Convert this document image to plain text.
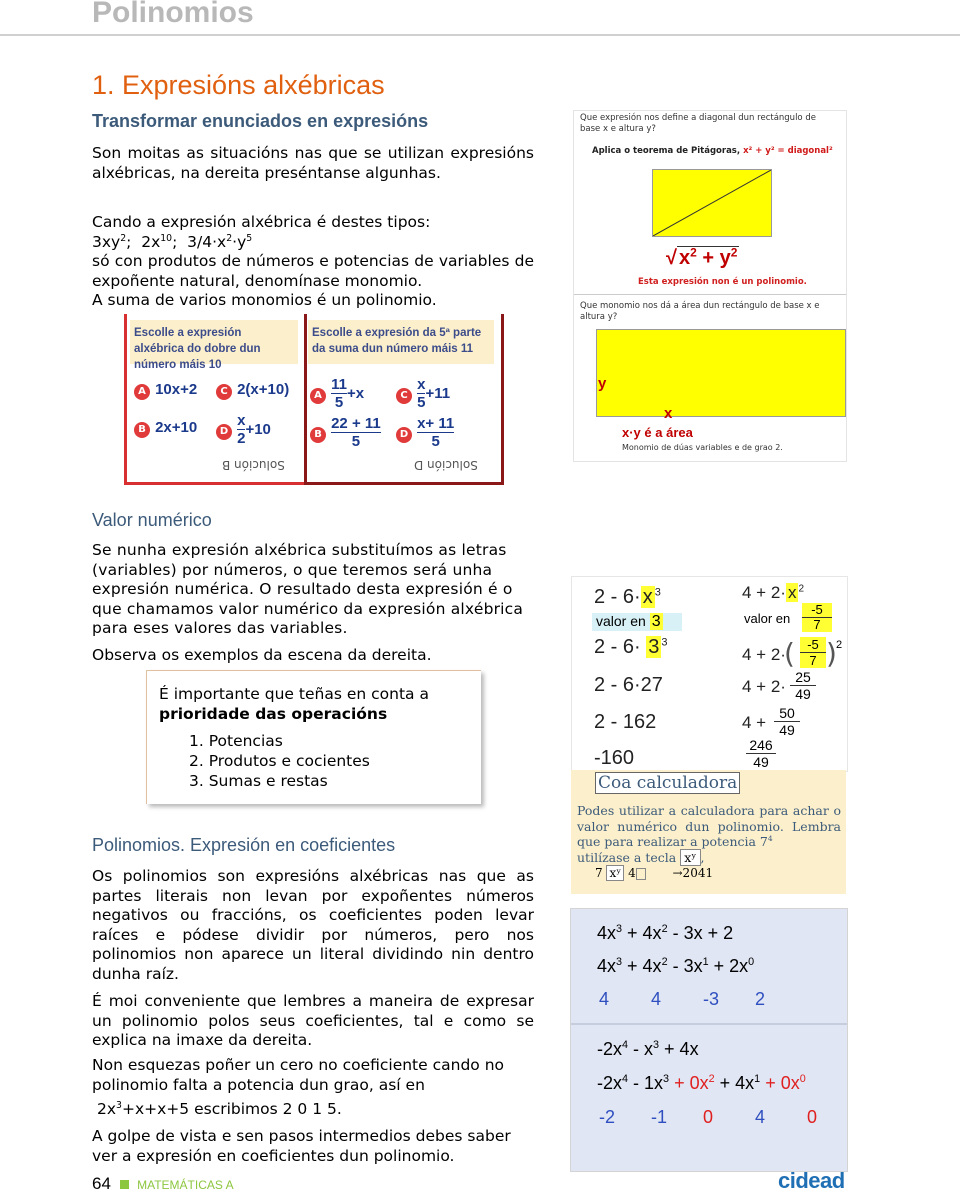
Polinomios
1. Expresións alxébricas
Transformar enunciados en expresións
Son moitas as situacións nas que se utilizan expresións alxébricas, na dereita preséntanse algunhas.
Cando a expresión alxébrica é destes tipos:
$3xy^2$;  $2x^{10}$;  $3/4\cdot x^2\cdot y^5$
só con produtos de números e potencias de variables de expoñente natural, denomínase monomio.
A suma de varios monomios é un polinomio.
Escolle a expresión alxébrica do dobre dun número máis 10
Escolle a expresión da 5ª parte da suma dun número máis 11
A 10x+2	C 2(x+10)
B 2x+10	D $\frac{x}{2} +10$
A $\frac{11}{5} +x$	C $\frac{x}{5} +11$
B $\frac{22 + 11}{5}$	D $\frac{x+ 11}{5}$
Solución B	Solución D
Que expresión nos define a diagonal dun rectángulo de base x e altura y?
Aplica o teorema de Pitágoras, x² + y² = diagonal²
√ $x^2 + y^2$
Esta expresión non é un polinomio.
Que monomio nos dá a área dun rectángulo de base x e altura y?
y
x
x·y é a área
Monomio de dúas variables e de grao 2.
Valor numérico
Se nunha expresión alxébrica substituímos as letras (variables) por números, o que teremos será unha expresión numérica. O resultado desta expresión é o que chamamos valor numérico da expresión alxébrica para eses valores das variables.
Observa os exemplos da escena da dereita.
É importante que teñas en conta a
prioridade das operacións
1. Potencias
2. Produtos e cocientes
3. Sumas e restas
2 - 6· x $^3$
valor en 3
2 - 6· 3 $^3$
2 - 6·27
2 - 162
-160
4 + 2· x $^2$
valor en
-5
7
4 + 2·
( -5
7 ) 2
4 + 2· 25
49
4 + 50
49
246
49
Coa calculadora
Podes utilizar a calculadora para achar o valor numérico dun polinomio. Lembra que para realizar a potencia $7^4$
utilízase a tecla xʸ ,
7 xʸ 4	→2041
Polinomios. Expresión en coeficientes
Os polinomios son expresións alxébricas nas que as partes literais non levan por expoñentes números negativos ou fraccións, os coeficientes poden levar raíces e pódese dividir por números, pero nos polinomios non aparece un literal dividindo nin dentro dunha raíz.
É moi conveniente que lembres a maneira de expresar un polinomio polos seus coeficientes, tal e como se explica na imaxe da dereita.
Non esquezas poñer un cero no coeficiente cando no polinomio falta a potencia dun grao, así en
$2x^3+x+x+5$ escribimos 2 0 1 5.
A golpe de vista e sen pasos intermedios debes saber ver a expresión en coeficientes dun polinomio.
$4x^3 + 4x^2 - 3x + 2$
$4x^3 + 4x^2 - 3x^1 + 2x^0$
4 4 -3 2
$-2x^4 - x^3 + 4x$
$-2x^4 - 1x^3 + 0x^2 + 4x^1 + 0x^0$
-2 -1 0 4 0
64 MATEMÁTICAS A	cidead
